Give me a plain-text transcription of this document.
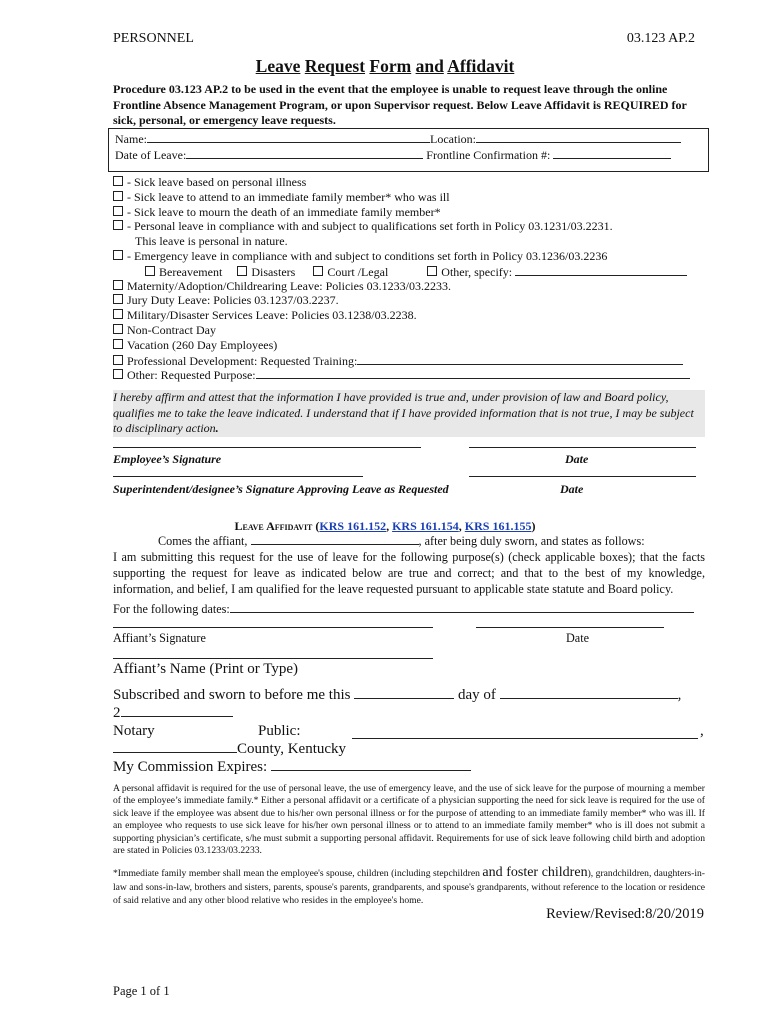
PERSONNEL	03.123 AP.2
Leave Request Form and Affidavit
Procedure 03.123 AP.2 to be used in the event that the employee is unable to request leave through the online Frontline Absence Management Program, or upon Supervisor request. Below Leave Affidavit is REQUIRED for sick, personal, or emergency leave requests.
Name:	Location:
Date of Leave:	Frontline Confirmation #:
- Sick leave based on personal illness
- Sick leave to attend to an immediate family member* who was ill
- Sick leave to mourn the death of an immediate family member*
- Personal leave in compliance with and subject to qualifications set forth in Policy 03.1231/03.2231.
This leave is personal in nature.
- Emergency leave in compliance with and subject to conditions set forth in Policy 03.1236/03.2236
Bereavement Disasters	Court /Legal	Other, specify:
Maternity/Adoption/Childrearing Leave: Policies 03.1233/03.2233.
Jury Duty Leave: Policies 03.1237/03.2237.
Military/Disaster Services Leave: Policies 03.1238/03.2238.
Non-Contract Day
Vacation (260 Day Employees)
Professional Development: Requested Training:
Other: Requested Purpose:
I hereby affirm and attest that the information I have provided is true and, under provision of law and Board policy, qualifies me to take the leave indicated. I understand that if I have provided information that is not true, I may be subject to disciplinary action.
Employee’s Signature	Date
Superintendent/designee’s Signature Approving Leave as Requested	Date
Leave Affidavit (KRS 161.152, KRS 161.154, KRS 161.155)
Comes the affiant,	, after being duly sworn, and states as follows:
I am submitting this request for the use of leave for the following purpose(s) (check applicable boxes); that the facts supporting the request for leave as indicated below are true and correct; and that to the best of my knowledge, information, and belief, I am qualified for the leave requested pursuant to applicable state statute and Board policy.
For the following dates:
Affiant’s Signature	Date
Affiant’s Name (Print or Type)
Subscribed and sworn to before me this	day of	,
2
Notary	Public:	,
County, Kentucky
My Commission Expires:
A personal affidavit is required for the use of personal leave, the use of emergency leave, and the use of sick leave for the purpose of mourning a member of the employee’s immediate family.* Either a personal affidavit or a certificate of a physician supporting the need for sick leave is required for the use of sick leave if the employee was absent due to his/her own personal illness or for the purpose of attending to an immediate family member* who was ill. If an employee who requests to use sick leave for his/her own personal illness or to attend to an immediate family member* who is ill does not submit a supporting physician’s certificate, s/he must submit a supporting personal affidavit. Requirements for use of sick leave following child birth and adoption are stated in Policies 03.1233/03.2233.
*Immediate family member shall mean the employee's spouse, children (including stepchildren and foster children), grandchildren, daughters-in-law and sons-in-law, brothers and sisters, parents, spouse's parents, grandparents, and spouse's grandparents, without reference to the location or residence of said relative and any other blood relative who resides in the employee's home.
Review/Revised:8/20/2019
Page 1 of 1
